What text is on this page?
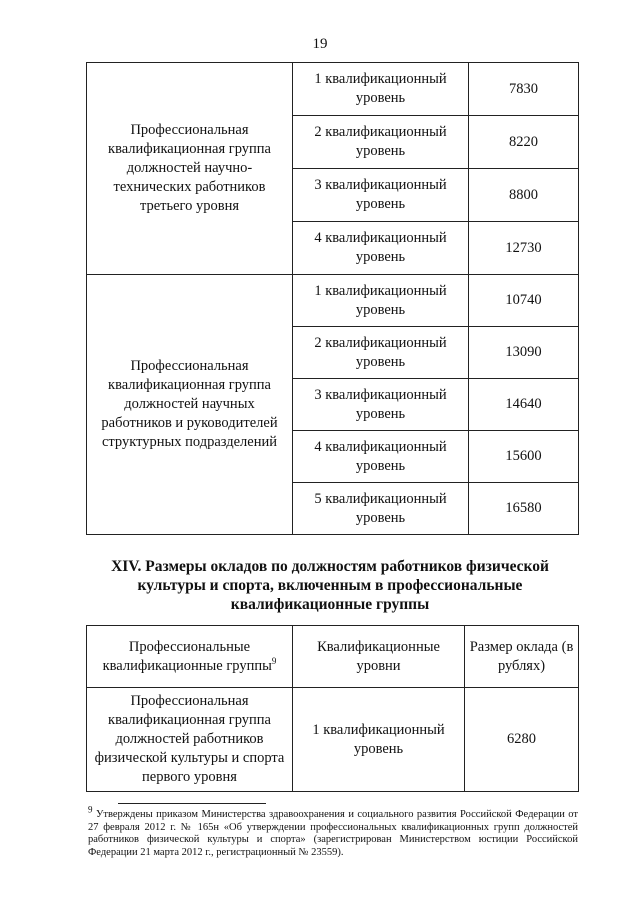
19
Профессиональная квалификационная группа должностей научно-технических работников третьего уровня	1 квалификационный уровень	7830
	2 квалификационный уровень	8220
	3 квалификационный уровень	8800
	4 квалификационный уровень	12730
Профессиональная квалификационная группа должностей научных работников и руководителей структурных подразделений	1 квалификационный уровень	10740
	2 квалификационный уровень	13090
	3 квалификационный уровень	14640
	4 квалификационный уровень	15600
	5 квалификационный уровень	16580
XIV. Размеры окладов по должностям работников физической культуры и спорта, включенным в профессиональные квалификационные группы
Профессиональные квалификационные группы$^9$	Квалификационные уровни	Размер оклада (в рублях)
Профессиональная квалификационная группа должностей работников физической культуры и спорта первого уровня	1 квалификационный уровень	6280
$^9$ Утверждены приказом Министерства здравоохранения и социального развития Российской Федерации от 27 февраля 2012 г. № 165н «Об утверждении профессиональных квалификационных групп должностей работников физической культуры и спорта» (зарегистрирован Министерством юстиции Российской Федерации 21 марта 2012 г., регистрационный № 23559).
